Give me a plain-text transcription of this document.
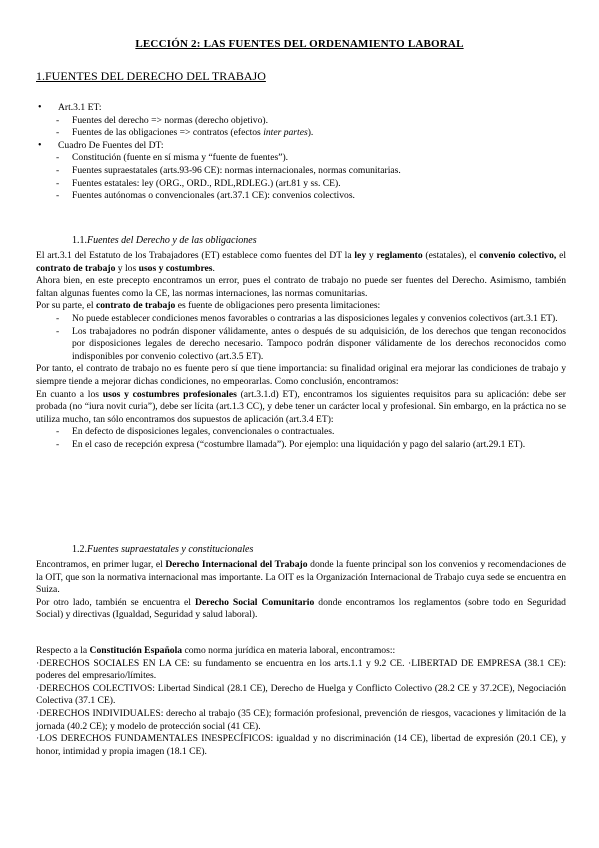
LECCIÓN 2: LAS FUENTES DEL ORDENAMIENTO LABORAL
1.FUENTES DEL DERECHO DEL TRABAJO
• Art.3.1 ET:
- Fuentes del derecho => normas (derecho objetivo).
- Fuentes de las obligaciones => contratos (efectos inter partes).
• Cuadro De Fuentes del DT:
- Constitución (fuente en sí misma y “fuente de fuentes”).
- Fuentes supraestatales (arts.93-96 CE): normas internacionales, normas comunitarias.
- Fuentes estatales: ley (ORG., ORD., RDL,RDLEG.) (art.81 y ss. CE).
- Fuentes autónomas o convencionales (art.37.1 CE): convenios colectivos.
1.1.Fuentes del Derecho y de las obligaciones
El art.3.1 del Estatuto de los Trabajadores (ET) establece como fuentes del DT la ley y reglamento (estatales), el convenio colectivo, el contrato de trabajo y los usos y costumbres.
Ahora bien, en este precepto encontramos un error, pues el contrato de trabajo no puede ser fuentes del Derecho. Asimismo, también faltan algunas fuentes como la CE, las normas internaciones, las normas comunitarias.
Por su parte, el contrato de trabajo es fuente de obligaciones pero presenta limitaciones:
- No puede establecer condiciones menos favorables o contrarias a las disposiciones legales y convenios colectivos (art.3.1 ET).
- Los trabajadores no podrán disponer válidamente, antes o después de su adquisición, de los derechos que tengan reconocidos por disposiciones legales de derecho necesario. Tampoco podrán disponer válidamente de los derechos reconocidos como indisponibles por convenio colectivo (art.3.5 ET).
Por tanto, el contrato de trabajo no es fuente pero sí que tiene importancia: su finalidad original era mejorar las condiciones de trabajo y siempre tiende a mejorar dichas condiciones, no empeorarlas. Como conclusión, encontramos:
En cuanto a los usos y costumbres profesionales (art.3.1.d) ET), encontramos los siguientes requisitos para su aplicación: debe ser probada (no “iura novit curia”), debe ser lícita (art.1.3 CC), y debe tener un carácter local y profesional. Sin embargo, en la práctica no se utiliza mucho, tan sólo encontramos dos supuestos de aplicación (art.3.4 ET):
- En defecto de disposiciones legales, convencionales o contractuales.
- En el caso de recepción expresa (“costumbre llamada”). Por ejemplo: una liquidación y pago del salario (art.29.1 ET).
1.2.Fuentes supraestatales y constitucionales
Encontramos, en primer lugar, el Derecho Internacional del Trabajo donde la fuente principal son los convenios y recomendaciones de la OIT, que son la normativa internacional mas importante. La OIT es la Organización Internacional de Trabajo cuya sede se encuentra en Suiza.
Por otro lado, también se encuentra el Derecho Social Comunitario donde encontramos los reglamentos (sobre todo en Seguridad Social) y directivas (Igualdad, Seguridad y salud laboral).
Respecto a la Constitución Española como norma jurídica en materia laboral, encontramos::
·DERECHOS SOCIALES EN LA CE: su fundamento se encuentra en los arts.1.1 y 9.2 CE. ·LIBERTAD DE EMPRESA (38.1 CE): poderes del empresario/límites.
·DERECHOS COLECTIVOS: Libertad Sindical (28.1 CE), Derecho de Huelga y Conflicto Colectivo (28.2 CE y 37.2CE), Negociación Colectiva (37.1 CE).
·DERECHOS INDIVIDUALES: derecho al trabajo (35 CE); formación profesional, prevención de riesgos, vacaciones y limitación de la jornada (40.2 CE); y modelo de protección social (41 CE).
·LOS DERECHOS FUNDAMENTALES INESPECÍFICOS: igualdad y no discriminación (14 CE), libertad de expresión (20.1 CE), y honor, intimidad y propia imagen (18.1 CE).
